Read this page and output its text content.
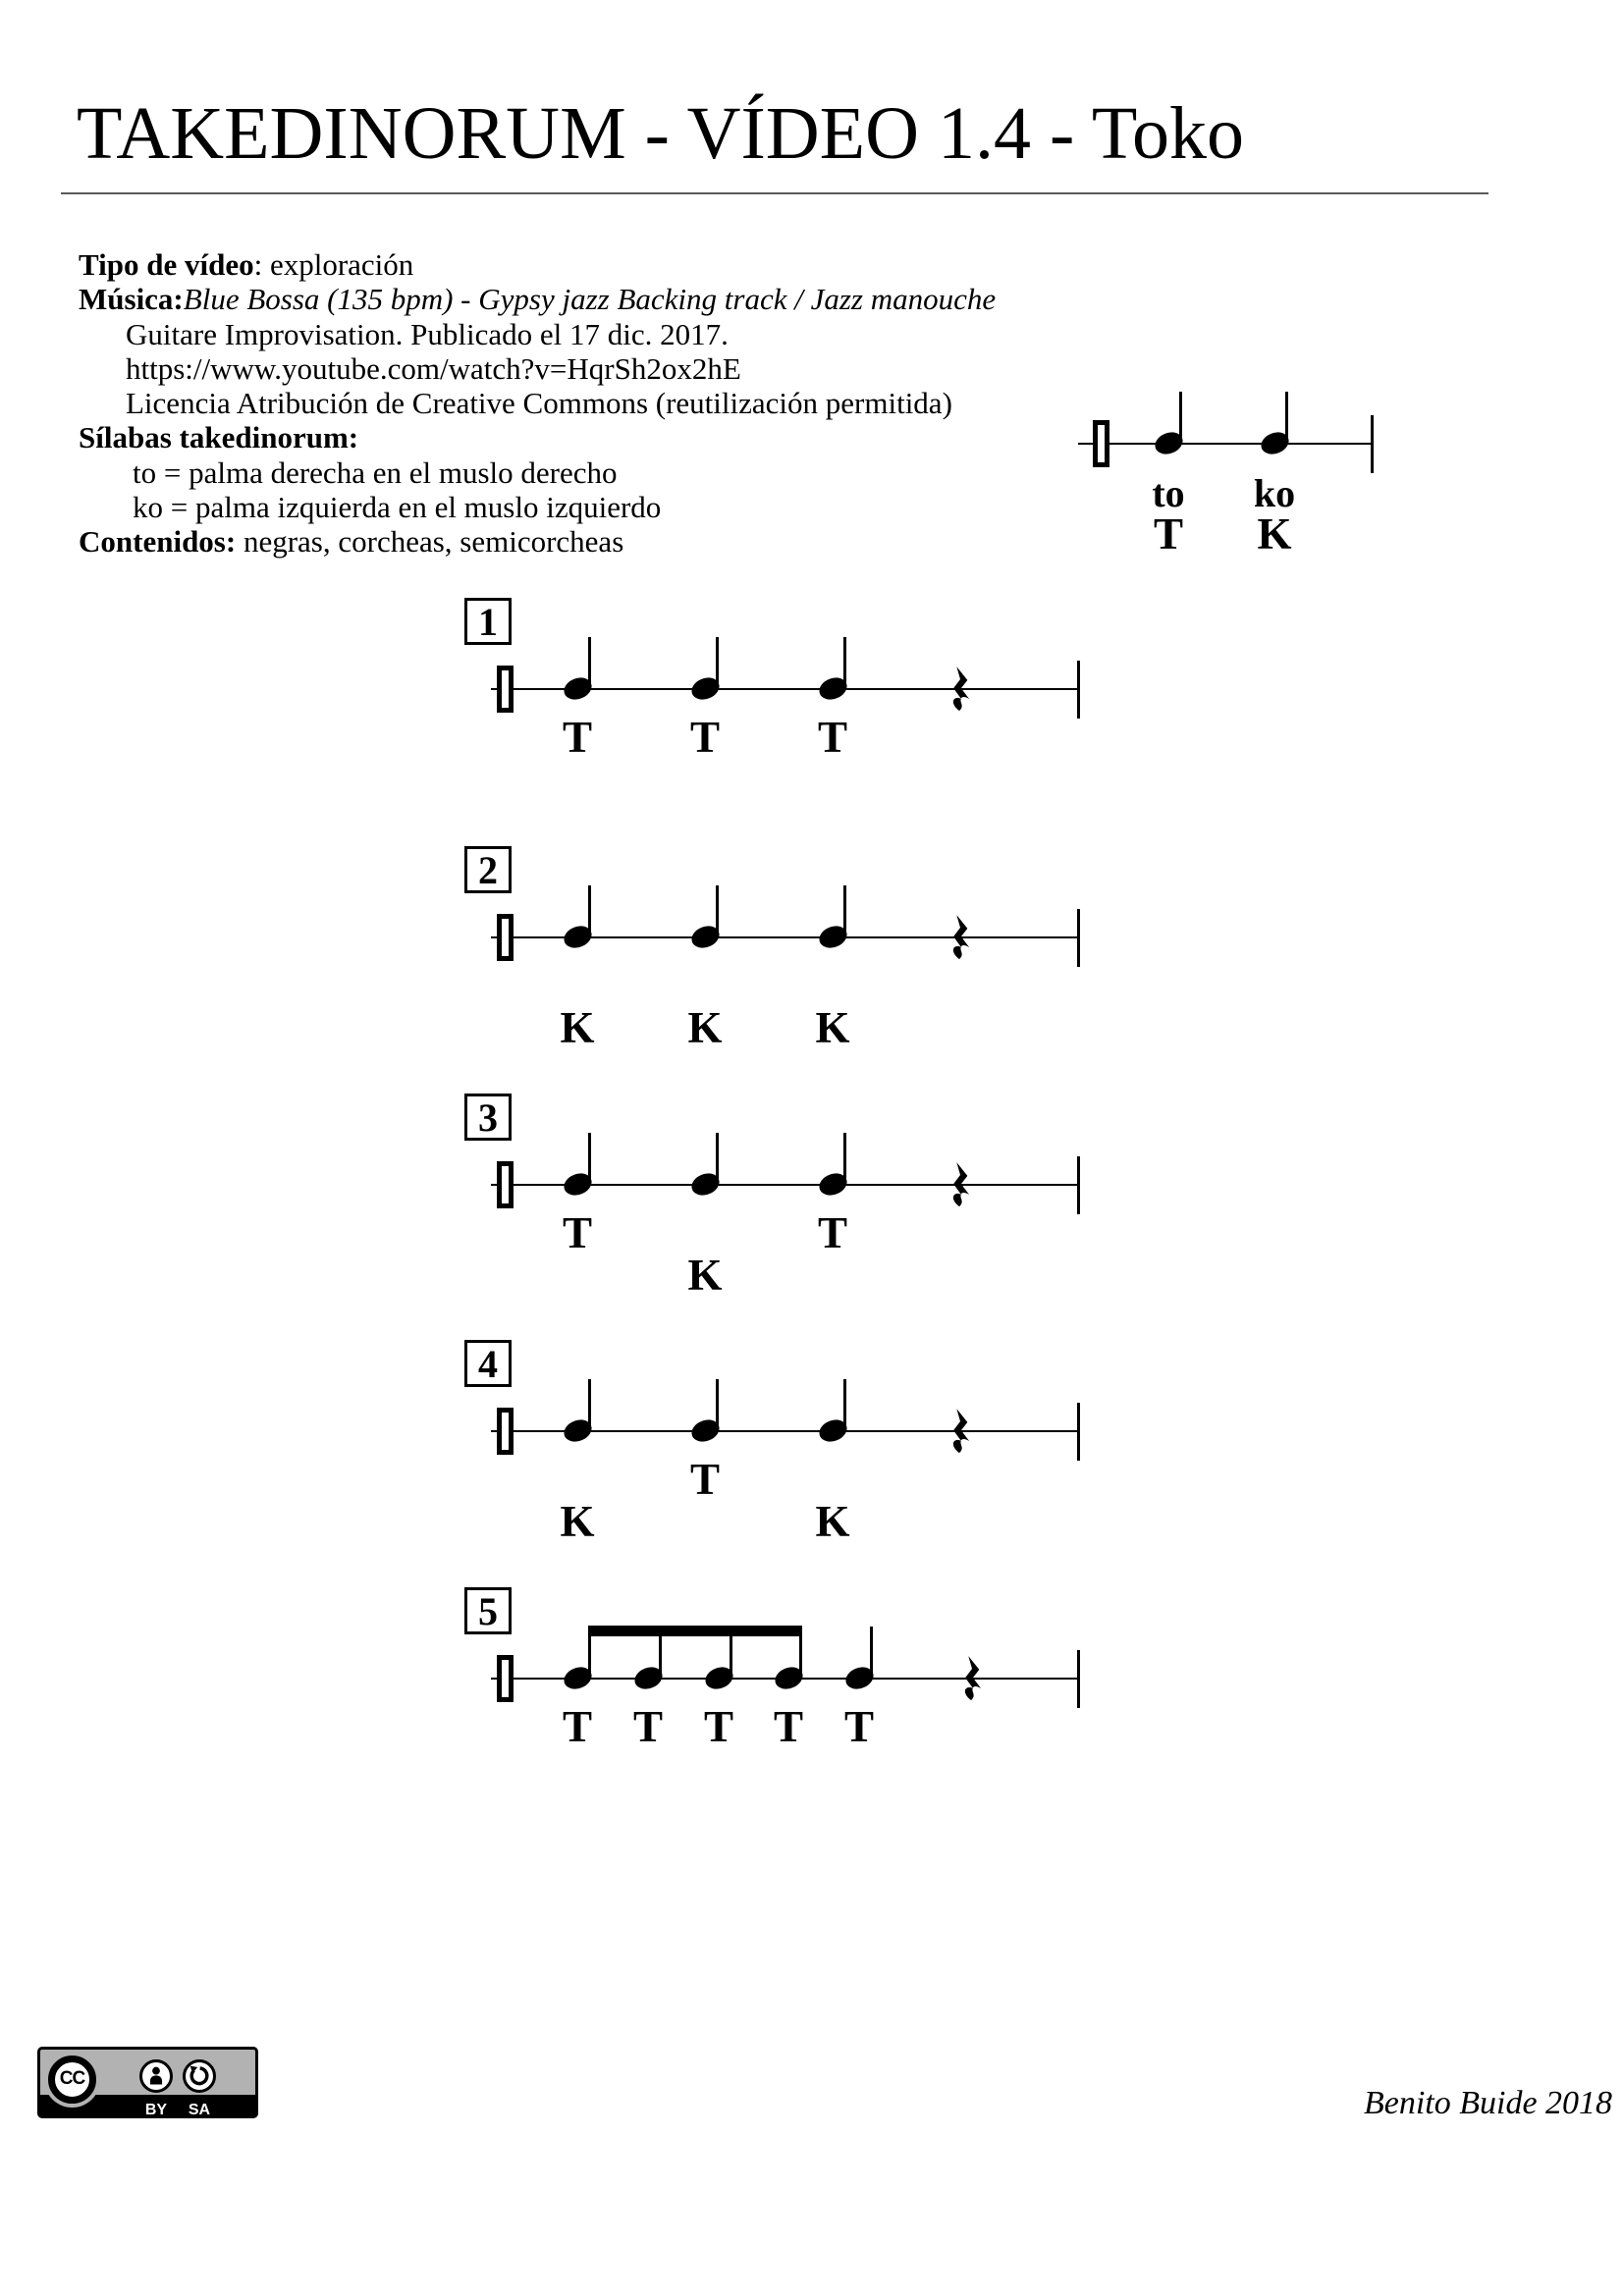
TAKEDINORUM - VÍDEO 1.4 - Toko
Tipo de vídeo: exploración
Música:Blue Bossa (135 bpm) - Gypsy jazz Backing track / Jazz manouche
Guitare Improvisation. Publicado el 17 dic. 2017.
https://www.youtube.com/watch?v=HqrSh2ox2hE
Licencia Atribución de Creative Commons (reutilización permitida)
Sílabas takedinorum:
to = palma derecha en el muslo derecho
ko = palma izquierda en el muslo izquierdo
Contenidos: negras, corcheas, semicorcheas
to
T
ko
K
1
T	T	T
2
K	K	K
3
T
K
T
4
K
T
K
5
T T T T T
CC
BY	SA	Benito Buide 2018
